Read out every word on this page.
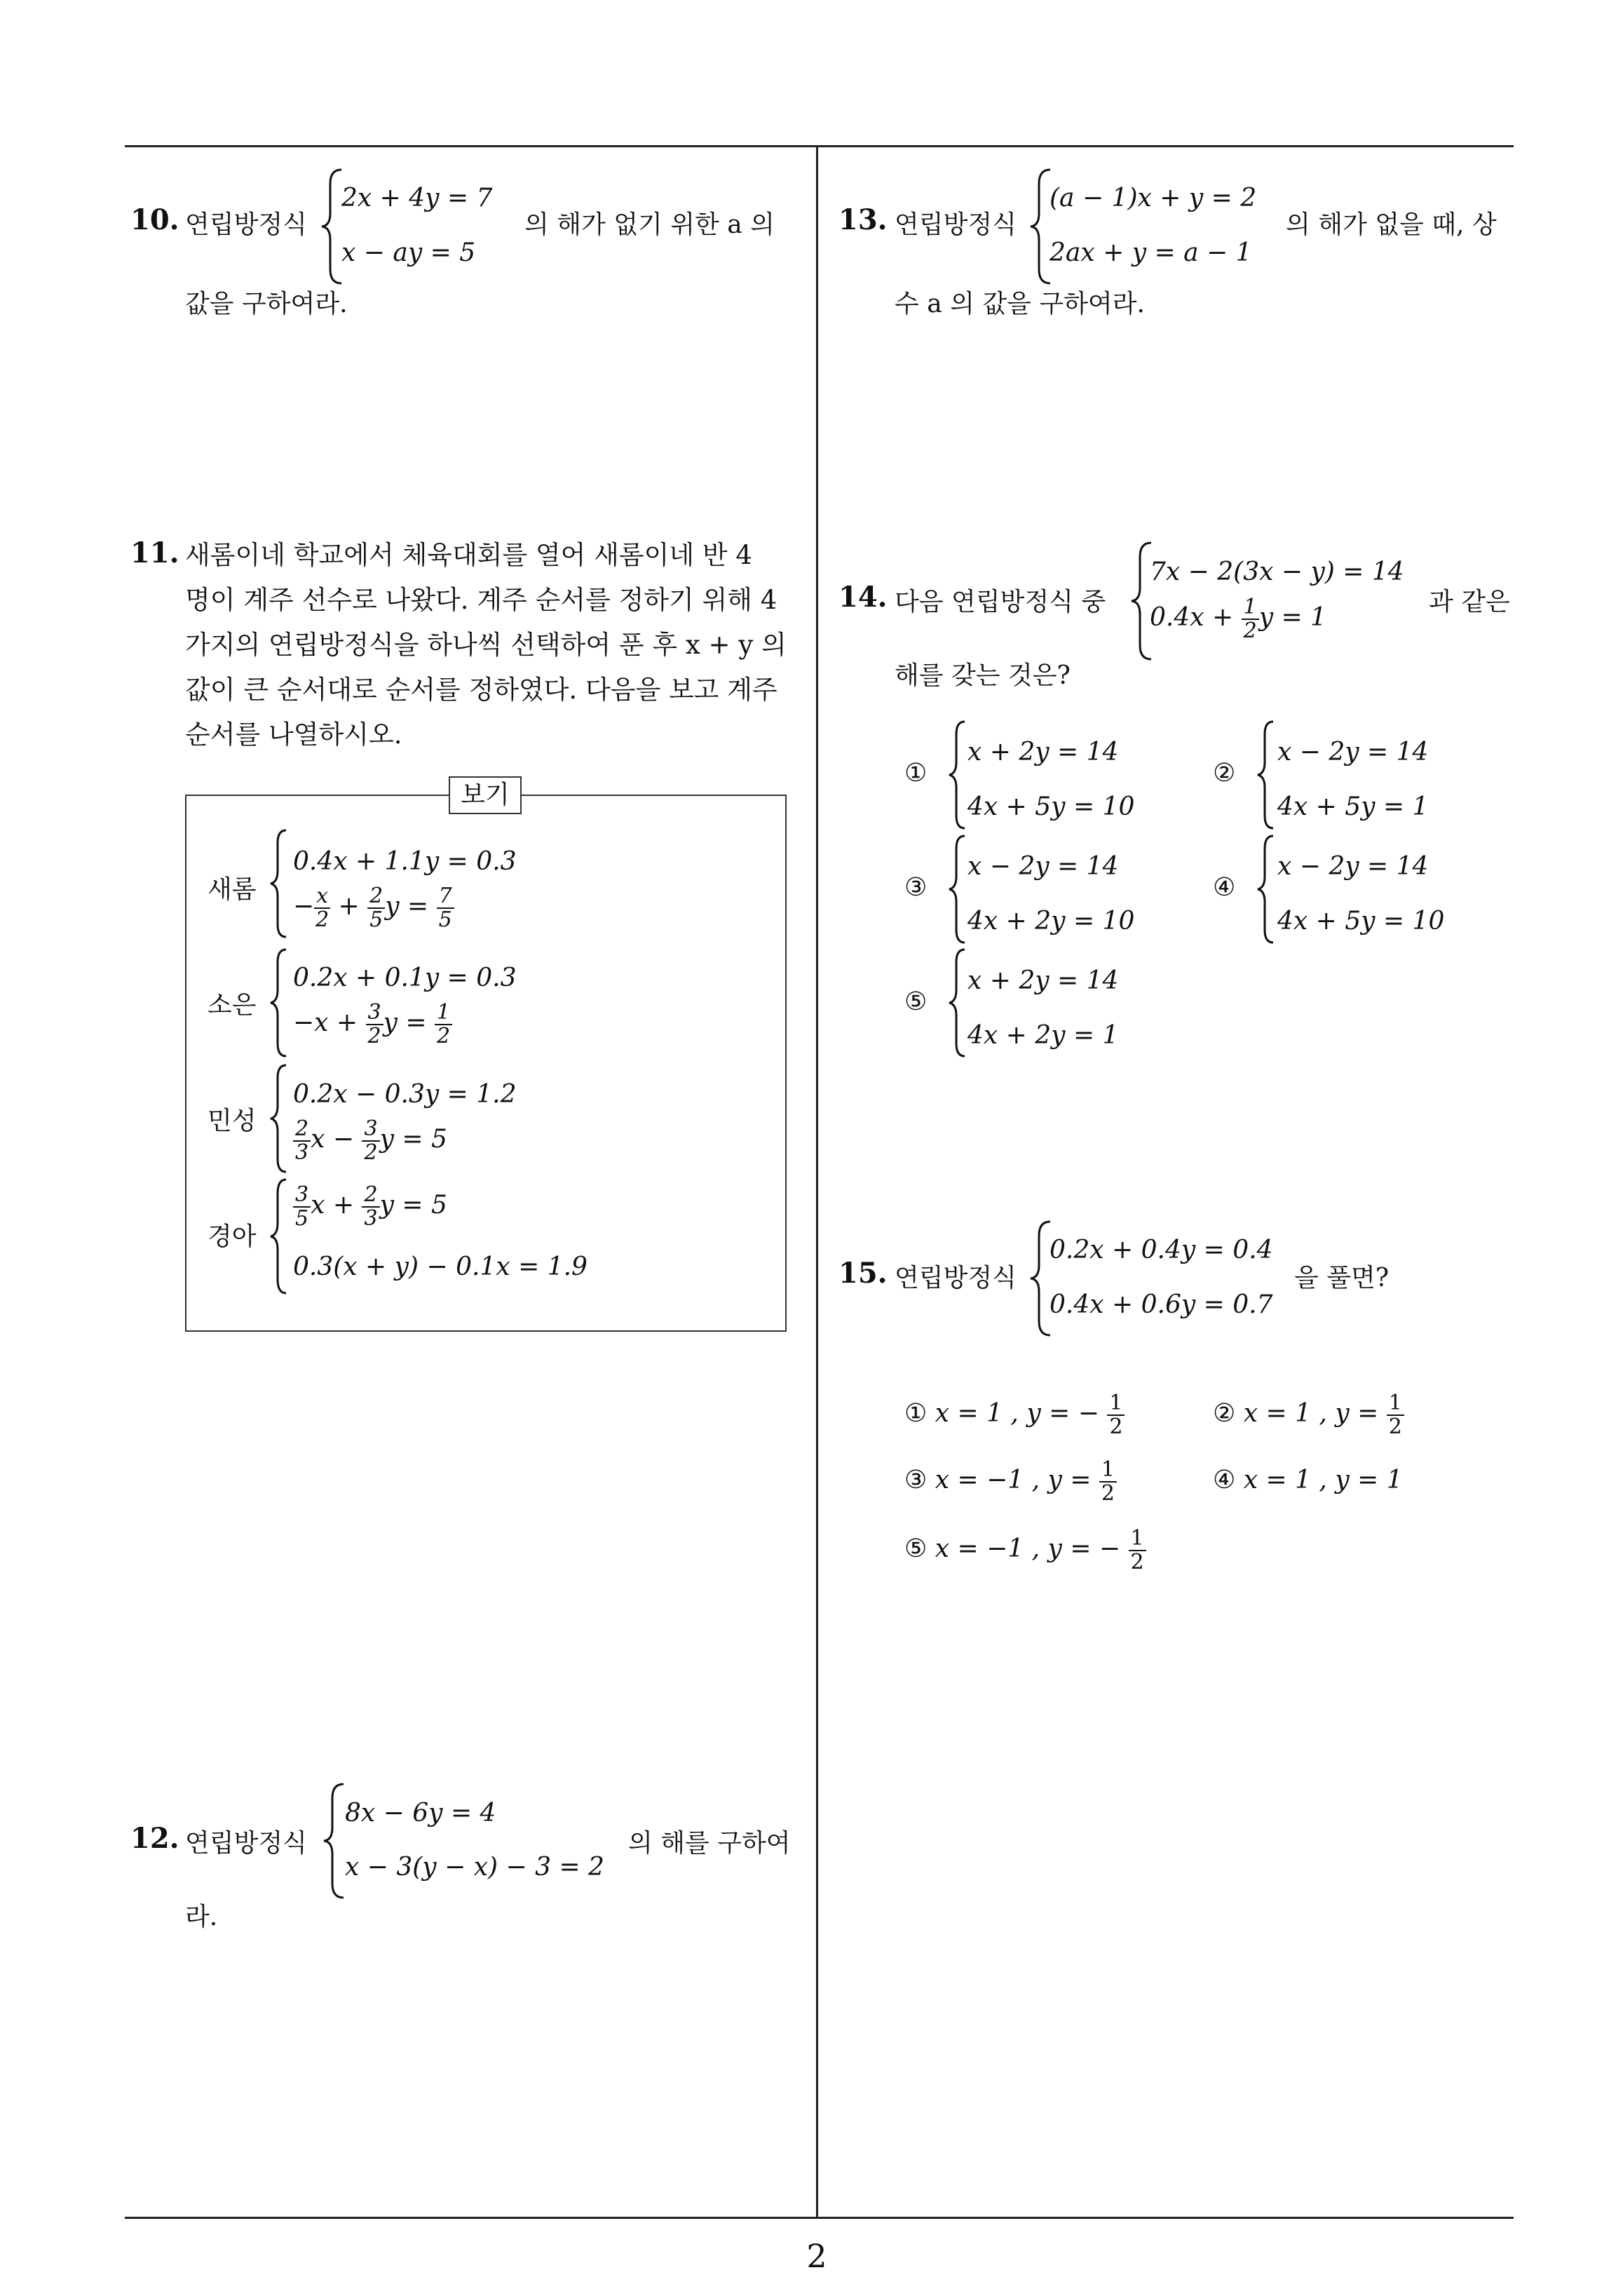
2
10. 연립방정식
2x + 4y = 7
x − ay = 5
의 해가 없기 위한 a 의
값을 구하여라.
11. 새롬이네 학교에서 체육대회를 열어 새롬이네 반 4
명이 계주 선수로 나왔다. 계주 순서를 정하기 위해 4
가지의 연립방정식을 하나씩 선택하여 푼 후 x + y 의
값이 큰 순서대로 순서를 정하였다. 다음을 보고 계주
순서를 나열하시오.
보기
새롬
0.4x + 1.1y = 0.3
− $\frac{x}{2} + \frac{2}{5}$ $y = \frac{7}{5}$
소은
0.2x + 0.1y = 0.3
$-x + \frac{3}{2}$ $y = \frac{1}{2}$
민성
0.2x − 0.3y = 1.2
$\frac{2}{3}$ $x - \frac{3}{2}$ y = 5
경아
$\frac{3}{5}$ $x + \frac{2}{3}$ y = 5
0.3(x + y) − 0.1x = 1.9
12. 연립방정식
8x − 6y = 4
x − 3(y − x) − 3 = 2
의 해를 구하여
라.
13. 연립방정식
(a − 1)x + y = 2
2ax + y = a − 1
의 해가 없을 때, 상
수 a 의 값을 구하여라.
14. 다음 연립방정식 중
7x − 2(3x − y) = 14
$0.4x + \frac{1}{2}$ y = 1
과 같은
해를 갖는 것은?
①
x + 2y = 14
4x + 5y = 10
②
x − 2y = 14
4x + 5y = 1
③
x − 2y = 14
4x + 2y = 10
④
x − 2y = 14
4x + 5y = 10
⑤
x + 2y = 14
4x + 2y = 1
15. 연립방정식
0.2x + 0.4y = 0.4
0.4x + 0.6y = 0.7
을 풀면?
① x = 1 , y = − $\frac{1}{2}$	② x = 1 , $y = \frac{1}{2}$
③ x = −1 , $y = \frac{1}{2}$	④ x = 1 , y = 1
⑤ x = −1 , y = − $\frac{1}{2}$
